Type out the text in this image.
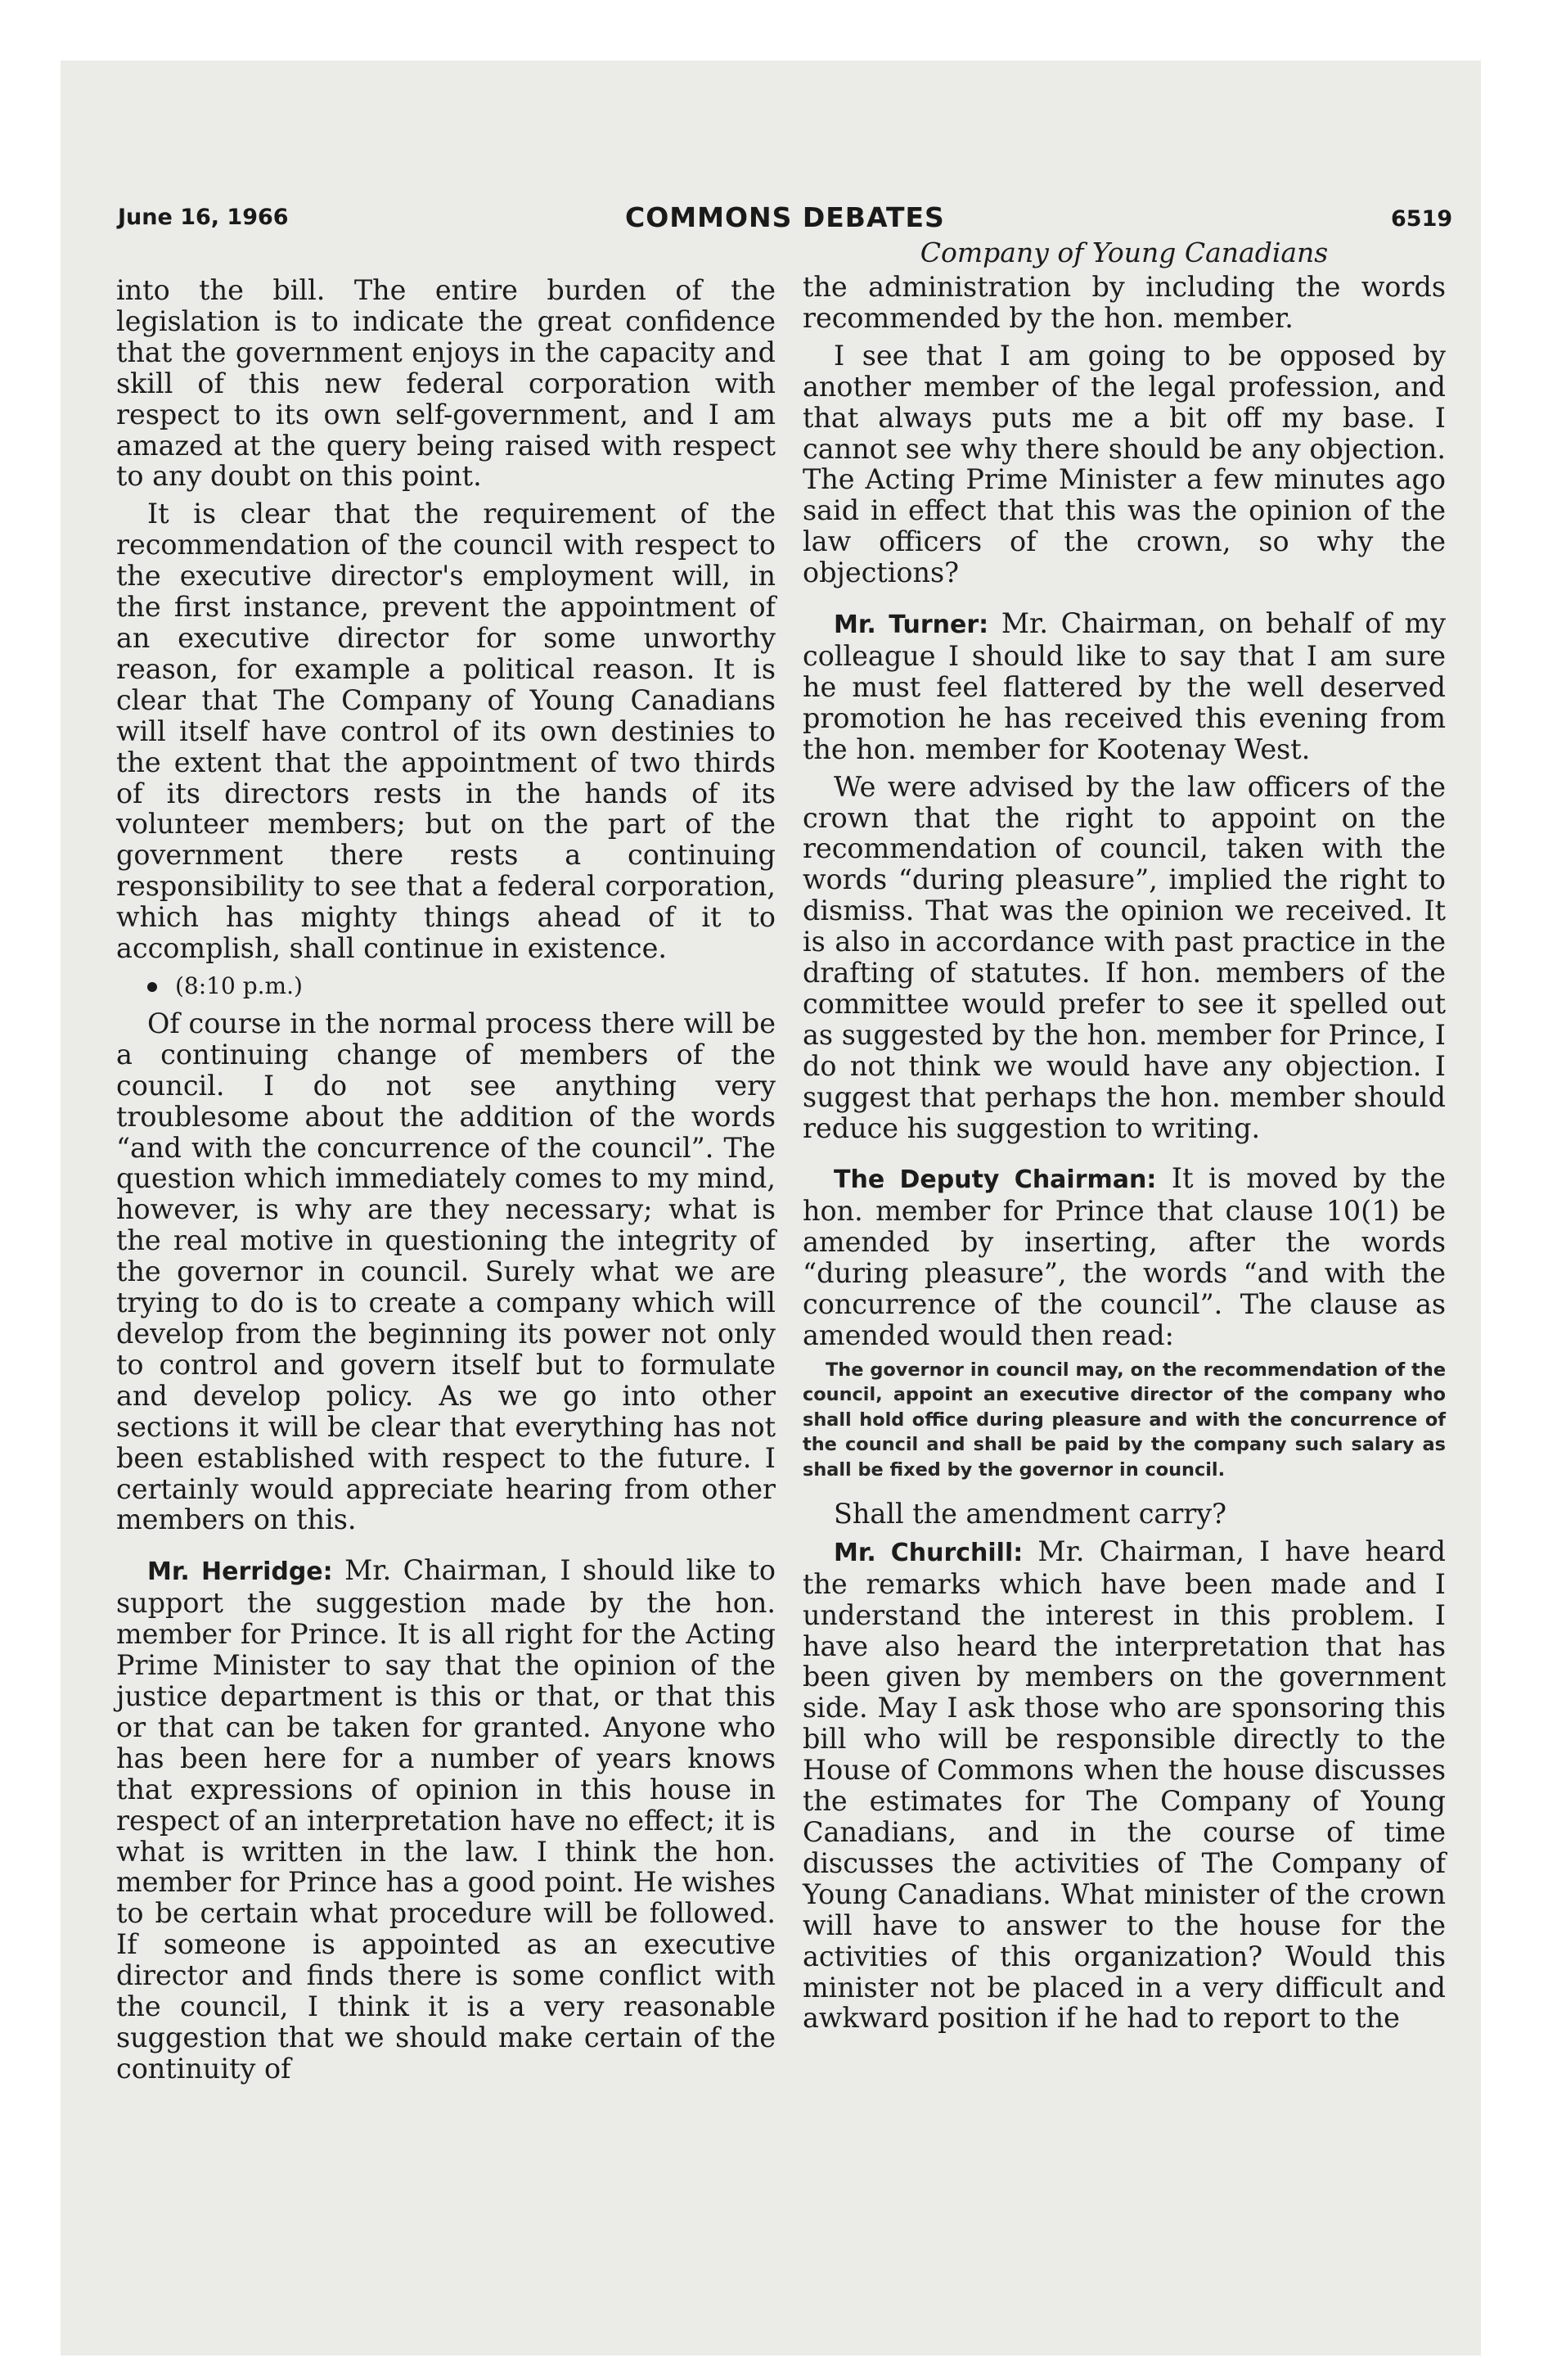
June 16, 1966	COMMONS DEBATES	6519

into the bill. The entire burden of the legislation is to indicate the great confidence that the government enjoys in the capacity and skill of this new federal corporation with respect to its own self-government, and I am amazed at the query being raised with respect to any doubt on this point.

It is clear that the requirement of the recommendation of the council with respect to the executive director's employment will, in the first instance, prevent the appointment of an executive director for some unworthy reason, for example a political reason. It is clear that The Company of Young Canadians will itself have control of its own destinies to the extent that the appointment of two thirds of its directors rests in the hands of its volunteer members; but on the part of the government there rests a continuing responsibility to see that a federal corporation, which has mighty things ahead of it to accomplish, shall continue in existence.

(8:10 p.m.)

Of course in the normal process there will be a continuing change of members of the council. I do not see anything very troublesome about the addition of the words “and with the concurrence of the council”. The question which immediately comes to my mind, however, is why are they necessary; what is the real motive in questioning the integrity of the governor in council. Surely what we are trying to do is to create a company which will develop from the beginning its power not only to control and govern itself but to formulate and develop policy. As we go into other sections it will be clear that everything has not been established with respect to the future. I certainly would appreciate hearing from other members on this.

Mr. Herridge: Mr. Chairman, I should like to support the suggestion made by the hon. member for Prince. It is all right for the Acting Prime Minister to say that the opinion of the justice department is this or that, or that this or that can be taken for granted. Anyone who has been here for a number of years knows that expressions of opinion in this house in respect of an interpretation have no effect; it is what is written in the law. I think the hon. member for Prince has a good point. He wishes to be certain what procedure will be followed. If someone is appointed as an executive director and finds there is some conflict with the council, I think it is a very reasonable suggestion that we should make certain of the continuity of

Company of Young Canadians

the administration by including the words recommended by the hon. member.

I see that I am going to be opposed by another member of the legal profession, and that always puts me a bit off my base. I cannot see why there should be any objection. The Acting Prime Minister a few minutes ago said in effect that this was the opinion of the law officers of the crown, so why the objections?

Mr. Turner: Mr. Chairman, on behalf of my colleague I should like to say that I am sure he must feel flattered by the well deserved promotion he has received this evening from the hon. member for Kootenay West.

We were advised by the law officers of the crown that the right to appoint on the recommendation of council, taken with the words “during pleasure”, implied the right to dismiss. That was the opinion we received. It is also in accordance with past practice in the drafting of statutes. If hon. members of the committee would prefer to see it spelled out as suggested by the hon. member for Prince, I do not think we would have any objection. I suggest that perhaps the hon. member should reduce his suggestion to writing.

The Deputy Chairman: It is moved by the hon. member for Prince that clause 10(1) be amended by inserting, after the words “during pleasure”, the words “and with the concurrence of the council”. The clause as amended would then read:

The governor in council may, on the recommendation of the council, appoint an executive director of the company who shall hold office during pleasure and with the concurrence of the council and shall be paid by the company such salary as shall be fixed by the governor in council.

Shall the amendment carry?

Mr. Churchill: Mr. Chairman, I have heard the remarks which have been made and I understand the interest in this problem. I have also heard the interpretation that has been given by members on the government side. May I ask those who are sponsoring this bill who will be responsible directly to the House of Commons when the house discusses the estimates for The Company of Young Canadians, and in the course of time discusses the activities of The Company of Young Canadians. What minister of the crown will have to answer to the house for the activities of this organization? Would this minister not be placed in a very difficult and awkward position if he had to report to the
